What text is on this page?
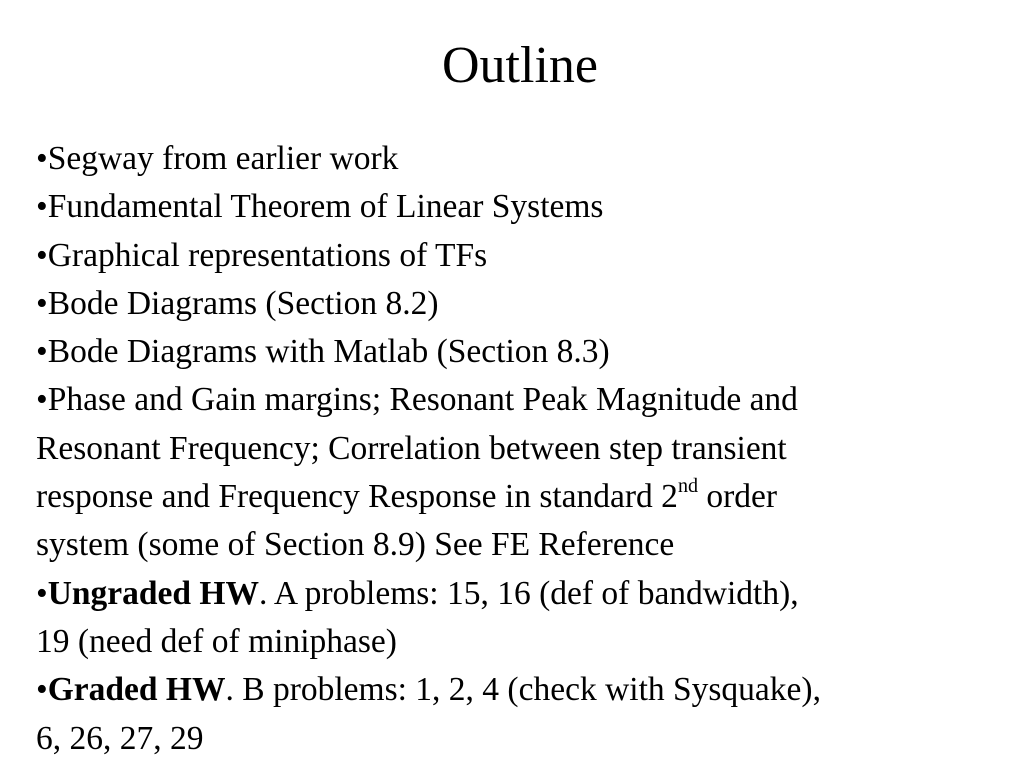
Outline
•Segway from earlier work
•Fundamental Theorem of Linear Systems
•Graphical representations of TFs
•Bode Diagrams (Section 8.2)
•Bode Diagrams with Matlab (Section 8.3)
•Phase and Gain margins; Resonant Peak Magnitude and
Resonant Frequency; Correlation between step transient
response and Frequency Response in standard 2nd order
system (some of Section 8.9) See FE Reference
•Ungraded HW. A problems: 15, 16 (def of bandwidth),
19 (need def of miniphase)
•Graded HW. B problems: 1, 2, 4 (check with Sysquake),
6, 26, 27, 29
